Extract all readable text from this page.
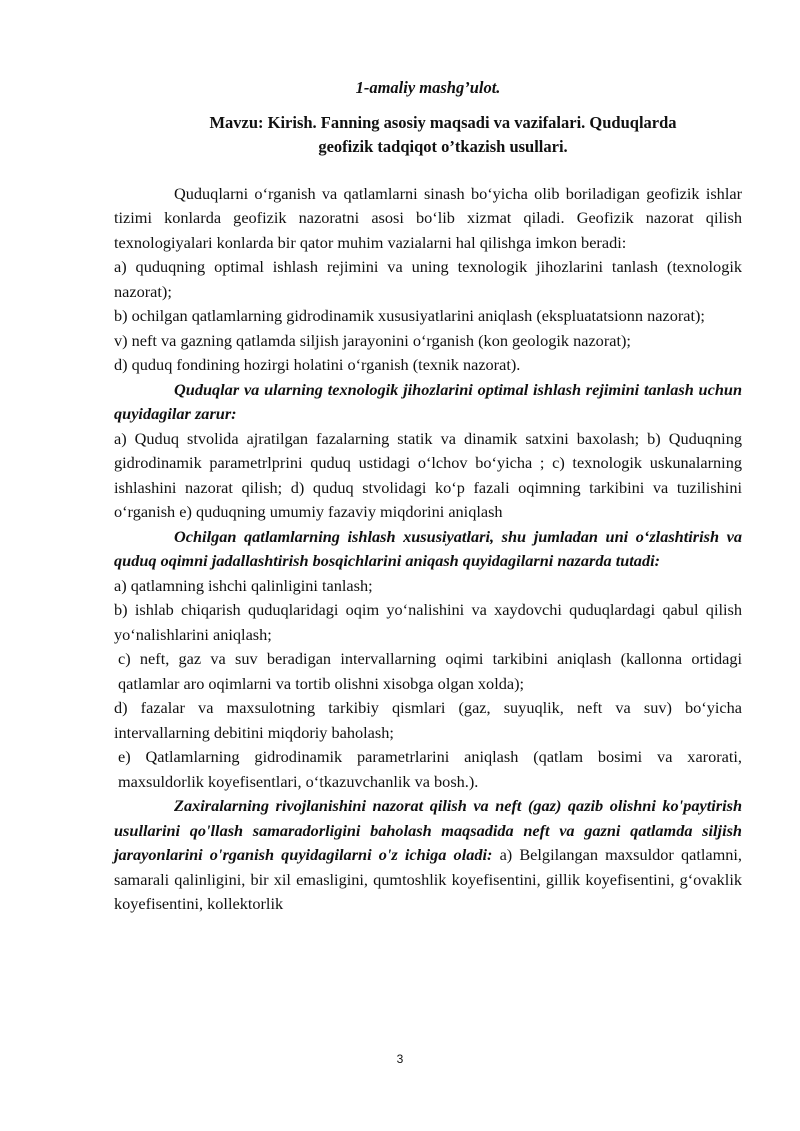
1-amaliy mashg’ulot.

Mavzu: Kirish. Fanning asosiy maqsadi va vazifalari. Quduqlarda
geofizik tadqiqot o’tkazish usullari.

Quduqlarni o‘rganish va qatlamlarni sinash bo‘yicha olib boriladigan geofizik ishlar tizimi konlarda geofizik nazoratni asosi bo‘lib xizmat qiladi. Geofizik nazorat qilish texnologiyalari konlarda bir qator muhim vazialarni hal qilishga imkon beradi:

a) quduqning optimal ishlash rejimini va uning texnologik jihozlarini tanlash (texnologik nazorat);

b) ochilgan qatlamlarning gidrodinamik xususiyatlarini aniqlash (ekspluatatsionn nazorat);

v) neft va gazning qatlamda siljish jarayonini o‘rganish (kon geologik nazorat);

d) quduq fondining hozirgi holatini o‘rganish (texnik nazorat).

Quduqlar va ularning texnologik jihozlarini optimal ishlash rejimini tanlash uchun quyidagilar zarur:

a) Quduq stvolida ajratilgan fazalarning statik va dinamik satxini baxolash; b) Quduqning gidrodinamik parametrlprini quduq ustidagi o‘lchov bo‘yicha ; c) texnologik uskunalarning ishlashini nazorat qilish; d) quduq stvolidagi ko‘p fazali oqimning tarkibini va tuzilishini o‘rganish e) quduqning umumiy fazaviy miqdorini aniqlash

Ochilgan qatlamlarning ishlash xususiyatlari, shu jumladan uni o‘zlashtirish va quduq oqimni jadallashtirish bosqichlarini aniqash quyidagilarni nazarda tutadi:

a) qatlamning ishchi qalinligini tanlash;

b) ishlab chiqarish quduqlaridagi oqim yo‘nalishini va xaydovchi quduqlardagi qabul qilish yo‘nalishlarini aniqlash;

c) neft, gaz va suv beradigan intervallarning oqimi tarkibini aniqlash (kallonna ortidagi qatlamlar aro oqimlarni va tortib olishni xisobga olgan xolda);

d) fazalar va maxsulotning tarkibiy qismlari (gaz, suyuqlik, neft va suv) bo‘yicha intervallarning debitini miqdoriy baholash;

e) Qatlamlarning gidrodinamik parametrlarini aniqlash (qatlam bosimi va xarorati, maxsuldorlik koyefisentlari, o‘tkazuvchanlik va bosh.).

Zaxiralarning rivojlanishini nazorat qilish va neft (gaz) qazib olishni ko'paytirish usullarini qo'llash samaradorligini baholash maqsadida neft va gazni qatlamda siljish jarayonlarini o'rganish quyidagilarni o'z ichiga oladi: a) Belgilangan maxsuldor qatlamni, samarali qalinligini, bir xil emasligini, qumtoshlik koyefisentini, gillik koyefisentini, g‘ovaklik koyefisentini, kollektorlik

3
